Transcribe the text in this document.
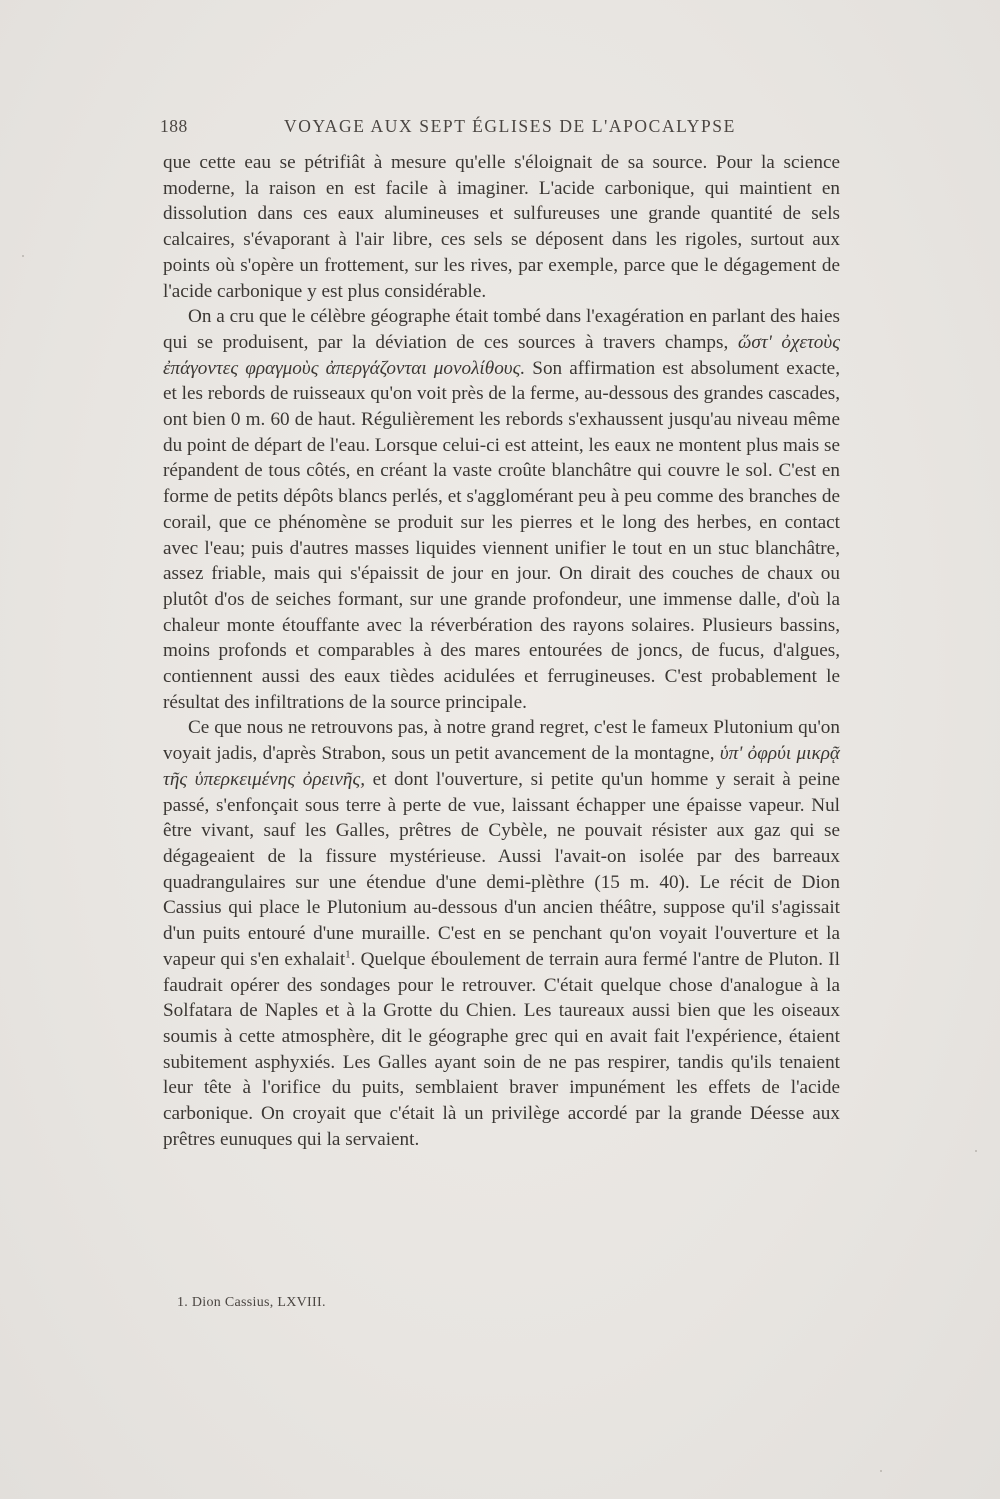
188	VOYAGE AUX SEPT ÉGLISES DE L'APOCALYPSE

que cette eau se pétrifiât à mesure qu'elle s'éloignait de sa source. Pour la science moderne, la raison en est facile à imaginer. L'acide carbonique, qui maintient en dissolution dans ces eaux alumineuses et sulfureuses une grande quantité de sels calcaires, s'évaporant à l'air libre, ces sels se déposent dans les rigoles, surtout aux points où s'opère un frottement, sur les rives, par exemple, parce que le dégagement de l'acide carbonique y est plus considérable.

On a cru que le célèbre géographe était tombé dans l'exagération en parlant des haies qui se produisent, par la déviation de ces sources à travers champs, ὥστ' ὀχετοὺς ἐπάγοντες φραγμοὺς ἀπεργάζονται μονολίθους. Son affirmation est absolument exacte, et les rebords de ruisseaux qu'on voit près de la ferme, au-dessous des grandes cascades, ont bien 0 m. 60 de haut. Régulièrement les rebords s'exhaussent jusqu'au niveau même du point de départ de l'eau. Lorsque celui-ci est atteint, les eaux ne montent plus mais se répandent de tous côtés, en créant la vaste croûte blanchâtre qui couvre le sol. C'est en forme de petits dépôts blancs perlés, et s'agglomérant peu à peu comme des branches de corail, que ce phénomène se produit sur les pierres et le long des herbes, en contact avec l'eau; puis d'autres masses liquides viennent unifier le tout en un stuc blanchâtre, assez friable, mais qui s'épaissit de jour en jour. On dirait des couches de chaux ou plutôt d'os de seiches formant, sur une grande profondeur, une immense dalle, d'où la chaleur monte étouffante avec la réverbération des rayons solaires. Plusieurs bassins, moins profonds et comparables à des mares entourées de joncs, de fucus, d'algues, contiennent aussi des eaux tièdes acidulées et ferrugineuses. C'est probablement le résultat des infiltrations de la source principale.

Ce que nous ne retrouvons pas, à notre grand regret, c'est le fameux Plutonium qu'on voyait jadis, d'après Strabon, sous un petit avancement de la montagne, ὑπ' ὀφρύι μικρᾷ τῆς ὑπερκειμένης ὀρεινῆς, et dont l'ouverture, si petite qu'un homme y serait à peine passé, s'enfonçait sous terre à perte de vue, laissant échapper une épaisse vapeur. Nul être vivant, sauf les Galles, prêtres de Cybèle, ne pouvait résister aux gaz qui se dégageaient de la fissure mystérieuse. Aussi l'avait-on isolée par des barreaux quadrangulaires sur une étendue d'une demi-plèthre (15 m. 40). Le récit de Dion Cassius qui place le Plutonium au-dessous d'un ancien théâtre, suppose qu'il s'agissait d'un puits entouré d'une muraille. C'est en se penchant qu'on voyait l'ouverture et la vapeur qui s'en exhalait$^1$. Quelque éboulement de terrain aura fermé l'antre de Pluton. Il faudrait opérer des sondages pour le retrouver. C'était quelque chose d'analogue à la Solfatara de Naples et à la Grotte du Chien. Les taureaux aussi bien que les oiseaux soumis à cette atmosphère, dit le géographe grec qui en avait fait l'expérience, étaient subitement asphyxiés. Les Galles ayant soin de ne pas respirer, tandis qu'ils tenaient leur tête à l'orifice du puits, semblaient braver impunément les effets de l'acide carbonique. On croyait que c'était là un privilège accordé par la grande Déesse aux prêtres eunuques qui la servaient.

1. Dion Cassius, LXVIII.
